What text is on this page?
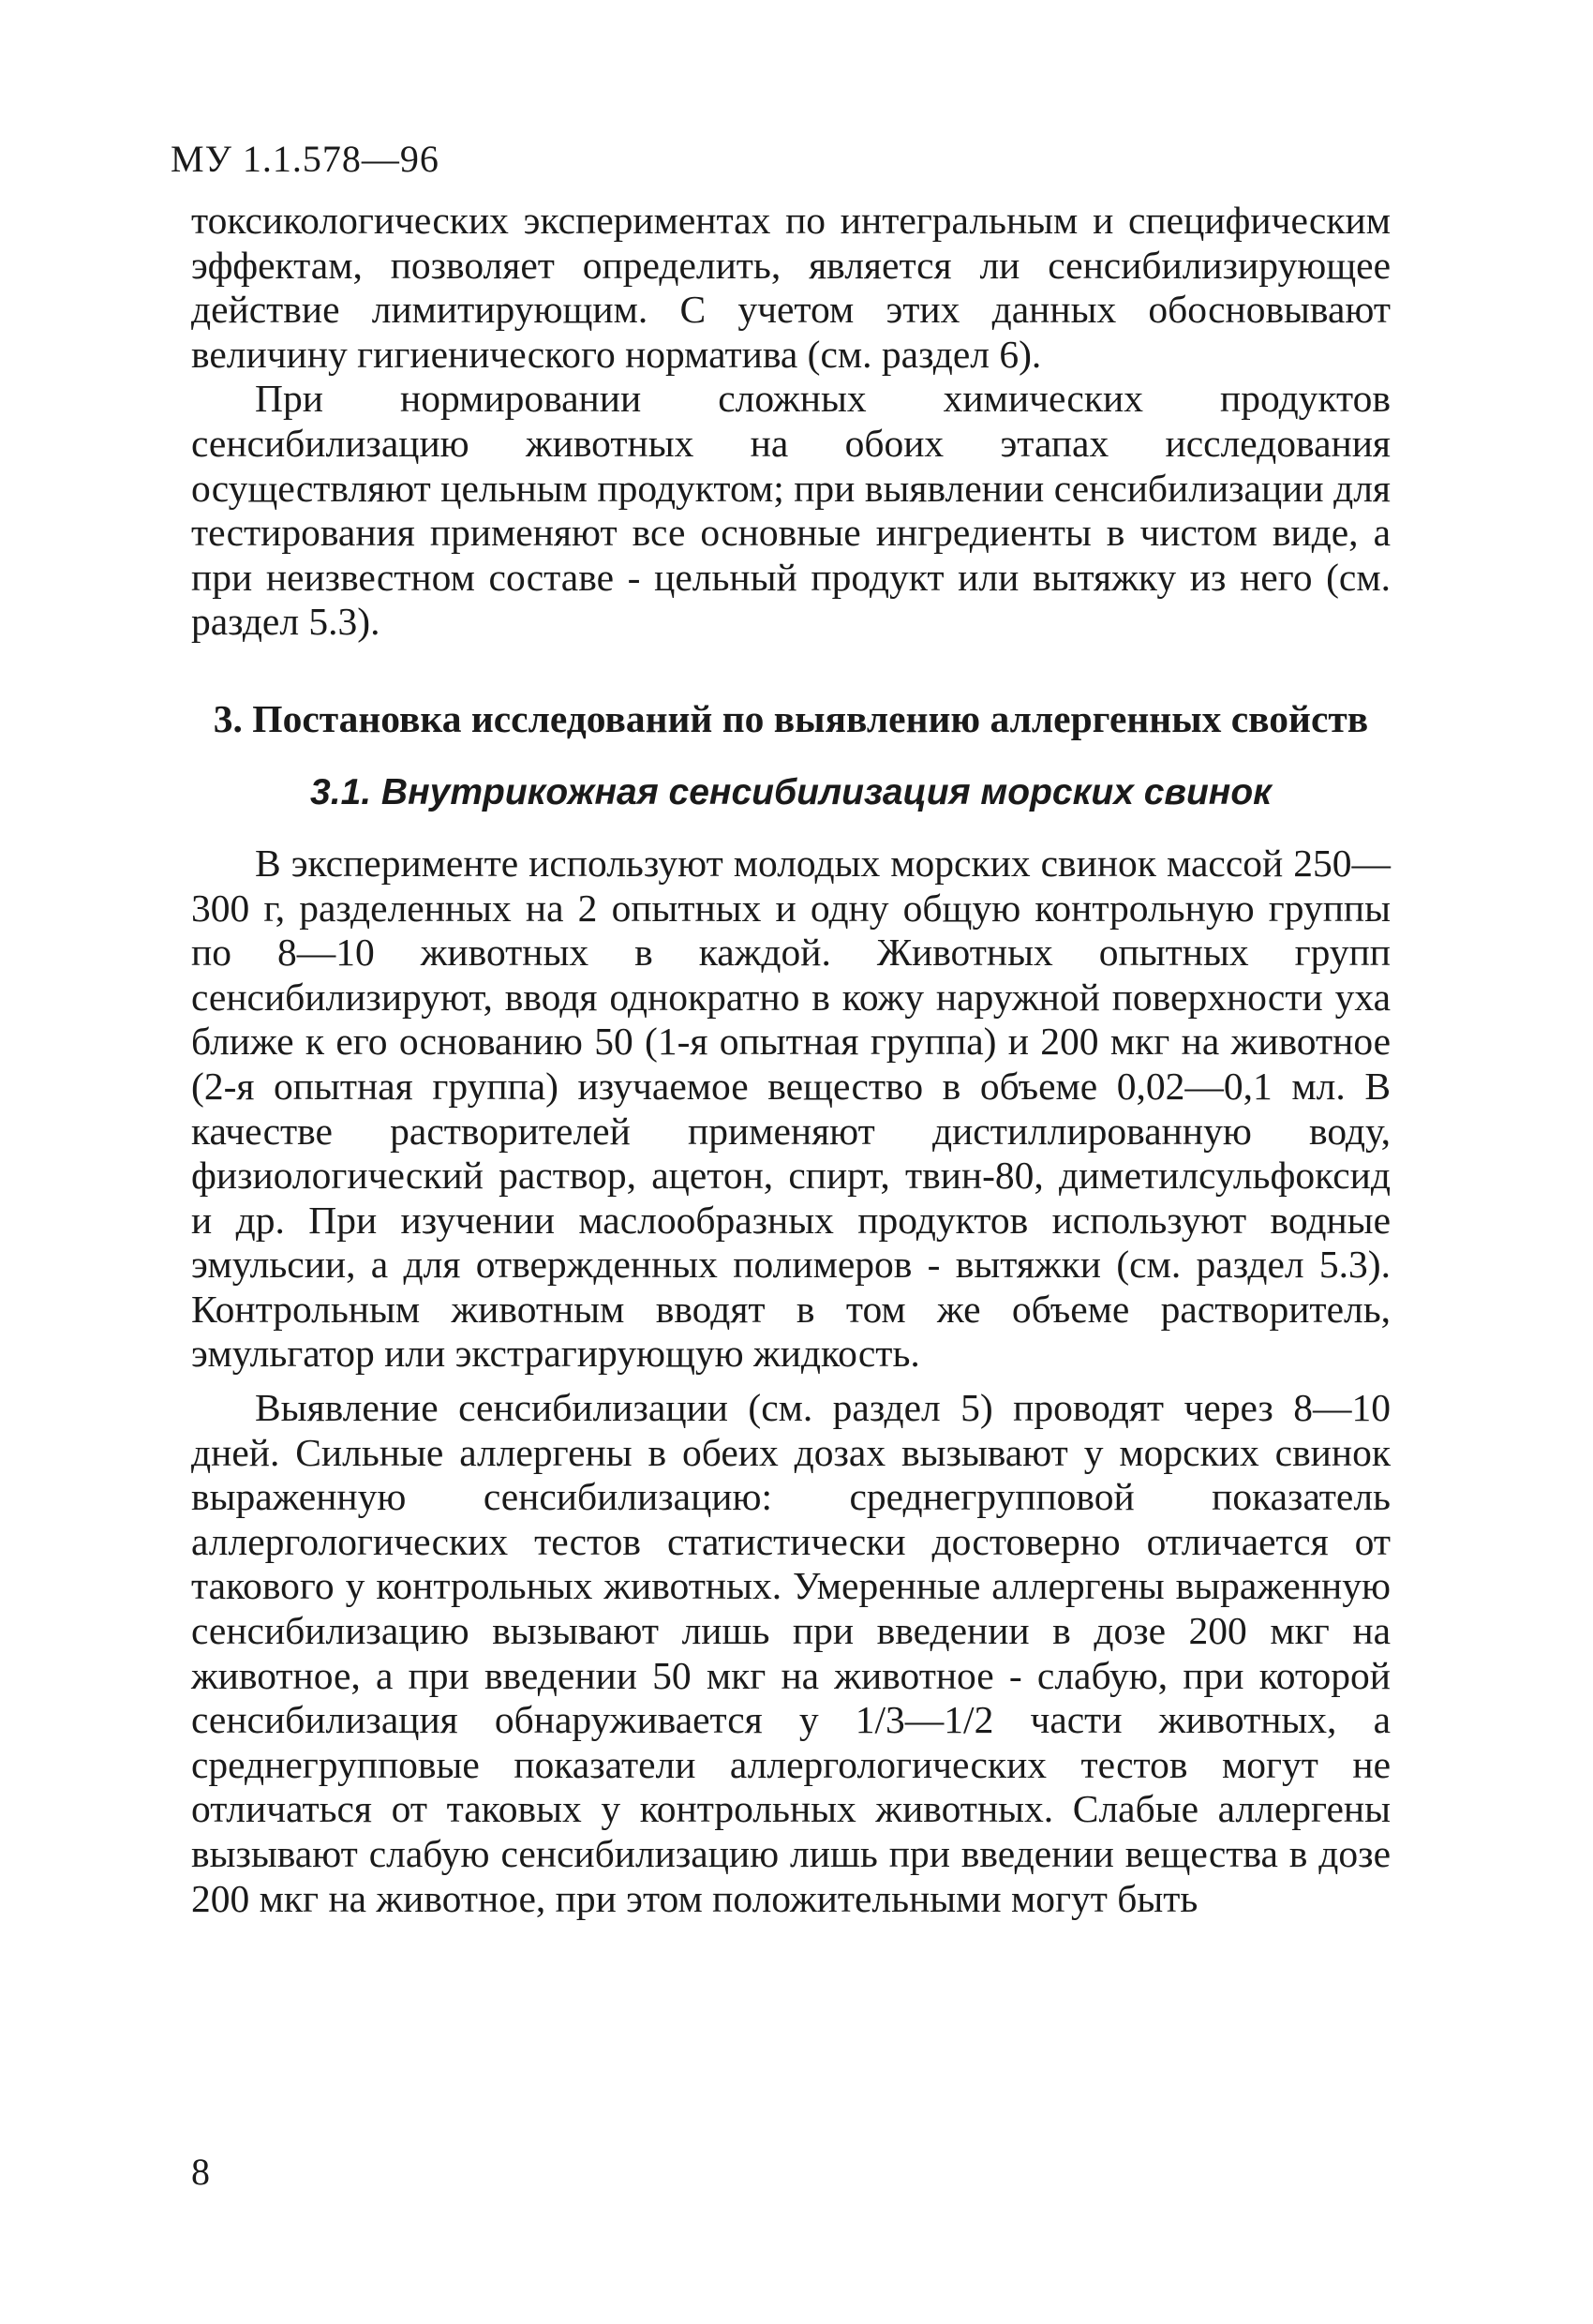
МУ 1.1.578—96

токсикологических экспериментах по интегральным и специфическим эффектам, позволяет определить, является ли сенсибилизирующее действие лимитирующим. С учетом этих данных обосновывают величину гигиенического норматива (см. раздел 6).

При нормировании сложных химических продуктов сенсибилизацию животных на обоих этапах исследования осуществляют цельным продуктом; при выявлении сенсибилизации для тестирования применяют все основные ингредиенты в чистом виде, а при неизвестном составе - цельный продукт или вытяжку из него (см. раздел 5.3).

3. Постановка исследований по выявлению аллергенных свойств
3.1. Внутрикожная сенсибилизация морских свинок

В эксперименте используют молодых морских свинок массой 250—300 г, разделенных на 2 опытных и одну общую контрольную группы по 8—10 животных в каждой. Животных опытных групп сенсибилизируют, вводя однократно в кожу наружной поверхности уха ближе к его основанию 50 (1-я опытная группа) и 200 мкг на животное (2-я опытная группа) изучаемое вещество в объеме 0,02—0,1 мл. В качестве растворителей применяют дистиллированную воду, физиологический раствор, ацетон, спирт, твин-80, диметилсульфоксид и др. При изучении маслообразных продуктов используют водные эмульсии, а для отвержденных полимеров - вытяжки (см. раздел 5.3). Контрольным животным вводят в том же объеме растворитель, эмульгатор или экстрагирующую жидкость.

Выявление сенсибилизации (см. раздел 5) проводят через 8—10 дней. Сильные аллергены в обеих дозах вызывают у морских свинок выраженную сенсибилизацию: среднегрупповой показатель аллергологических тестов статистически достоверно отличается от такового у контрольных животных. Умеренные аллергены выраженную сенсибилизацию вызывают лишь при введении в дозе 200 мкг на животное, а при введении 50 мкг на животное - слабую, при которой сенсибилизация обнаруживается у 1/3—1/2 части животных, а среднегрупповые показатели аллергологических тестов могут не отличаться от таковых у контрольных животных. Слабые аллергены вызывают слабую сенсибилизацию лишь при введении вещества в дозе 200 мкг на животное, при этом положительными могут быть

8
